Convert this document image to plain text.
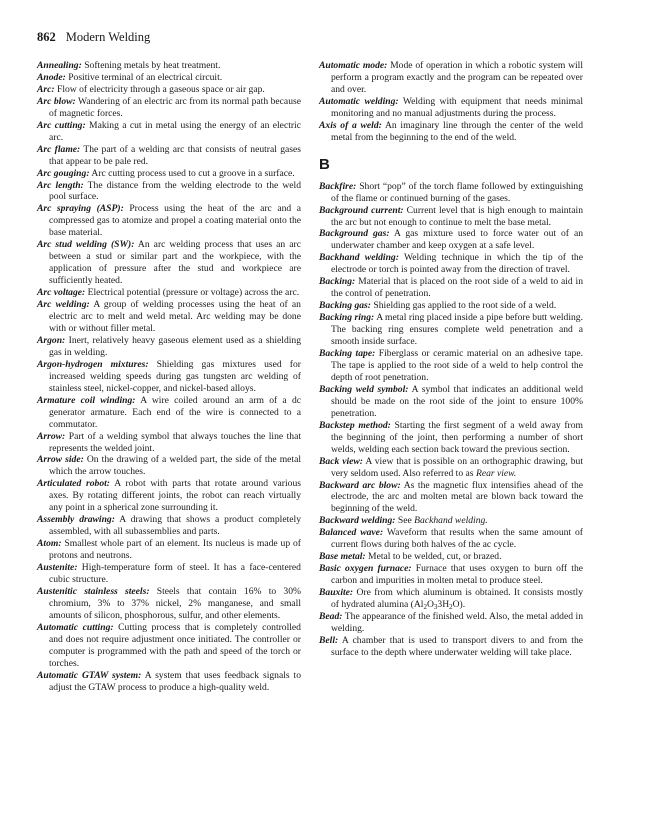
862 Modern Welding

Annealing: Softening metals by heat treatment.

Anode: Positive terminal of an electrical circuit.

Arc: Flow of electricity through a gaseous space or air gap.

Arc blow: Wandering of an electric arc from its normal path because of magnetic forces.

Arc cutting: Making a cut in metal using the energy of an electric arc.

Arc flame: The part of a welding arc that consists of neutral gases that appear to be pale red.

Arc gouging: Arc cutting process used to cut a groove in a surface.

Arc length: The distance from the welding electrode to the weld pool surface.

Arc spraying (ASP): Process using the heat of the arc and a compressed gas to atomize and propel a coating material onto the base material.

Arc stud welding (SW): An arc welding process that uses an arc between a stud or similar part and the workpiece, with the application of pressure after the stud and workpiece are sufficiently heated.

Arc voltage: Electrical potential (pressure or voltage) across the arc.

Arc welding: A group of welding processes using the heat of an electric arc to melt and weld metal. Arc welding may be done with or without filler metal.

Argon: Inert, relatively heavy gaseous element used as a shielding gas in welding.

Argon-hydrogen mixtures: Shielding gas mixtures used for increased welding speeds during gas tungsten arc welding of stainless steel, nickel-copper, and nickel-based alloys.

Armature coil winding: A wire coiled around an arm of a dc generator armature. Each end of the wire is connected to a commutator.

Arrow: Part of a welding symbol that always touches the line that represents the welded joint.

Arrow side: On the drawing of a welded part, the side of the metal which the arrow touches.

Articulated robot: A robot with parts that rotate around various axes. By rotating different joints, the robot can reach virtually any point in a spherical zone surrounding it.

Assembly drawing: A drawing that shows a product completely assembled, with all subassemblies and parts.

Atom: Smallest whole part of an element. Its nucleus is made up of protons and neutrons.

Austenite: High-temperature form of steel. It has a face-centered cubic structure.

Austenitic stainless steels: Steels that contain 16% to 30% chromium, 3% to 37% nickel, 2% manganese, and small amounts of silicon, phosphorous, sulfur, and other elements.

Automatic cutting: Cutting process that is completely controlled and does not require adjustment once initiated. The controller or computer is programmed with the path and speed of the torch or torches.

Automatic GTAW system: A system that uses feedback signals to adjust the GTAW process to produce a high-quality weld.

Automatic mode: Mode of operation in which a robotic system will perform a program exactly and the program can be repeated over and over.

Automatic welding: Welding with equipment that needs minimal monitoring and no manual adjustments during the process.

Axis of a weld: An imaginary line through the center of the weld metal from the beginning to the end of the weld.

B

Backfire: Short “pop” of the torch flame followed by extinguishing of the flame or continued burning of the gases.

Background current: Current level that is high enough to maintain the arc but not enough to continue to melt the base metal.

Background gas: A gas mixture used to force water out of an underwater chamber and keep oxygen at a safe level.

Backhand welding: Welding technique in which the tip of the electrode or torch is pointed away from the direction of travel.

Backing: Material that is placed on the root side of a weld to aid in the control of penetration.

Backing gas: Shielding gas applied to the root side of a weld.

Backing ring: A metal ring placed inside a pipe before butt welding. The backing ring ensures complete weld penetration and a smooth inside surface.

Backing tape: Fiberglass or ceramic material on an adhesive tape. The tape is applied to the root side of a weld to help control the depth of root penetration.

Backing weld symbol: A symbol that indicates an additional weld should be made on the root side of the joint to ensure 100% penetration.

Backstep method: Starting the first segment of a weld away from the beginning of the joint, then performing a number of short welds, welding each section back toward the previous section.

Back view: A view that is possible on an orthographic drawing, but very seldom used. Also referred to as Rear view.

Backward arc blow: As the magnetic flux intensifies ahead of the electrode, the arc and molten metal are blown back toward the beginning of the weld.

Backward welding: See Backhand welding.

Balanced wave: Waveform that results when the same amount of current flows during both halves of the ac cycle.

Base metal: Metal to be welded, cut, or brazed.

Basic oxygen furnace: Furnace that uses oxygen to burn off the carbon and impurities in molten metal to produce steel.

Bauxite: Ore from which aluminum is obtained. It consists mostly of hydrated alumina $(Al_2O_33H_2O)$.

Bead: The appearance of the finished weld. Also, the metal added in welding.

Bell: A chamber that is used to transport divers to and from the surface to the depth where underwater welding will take place.
